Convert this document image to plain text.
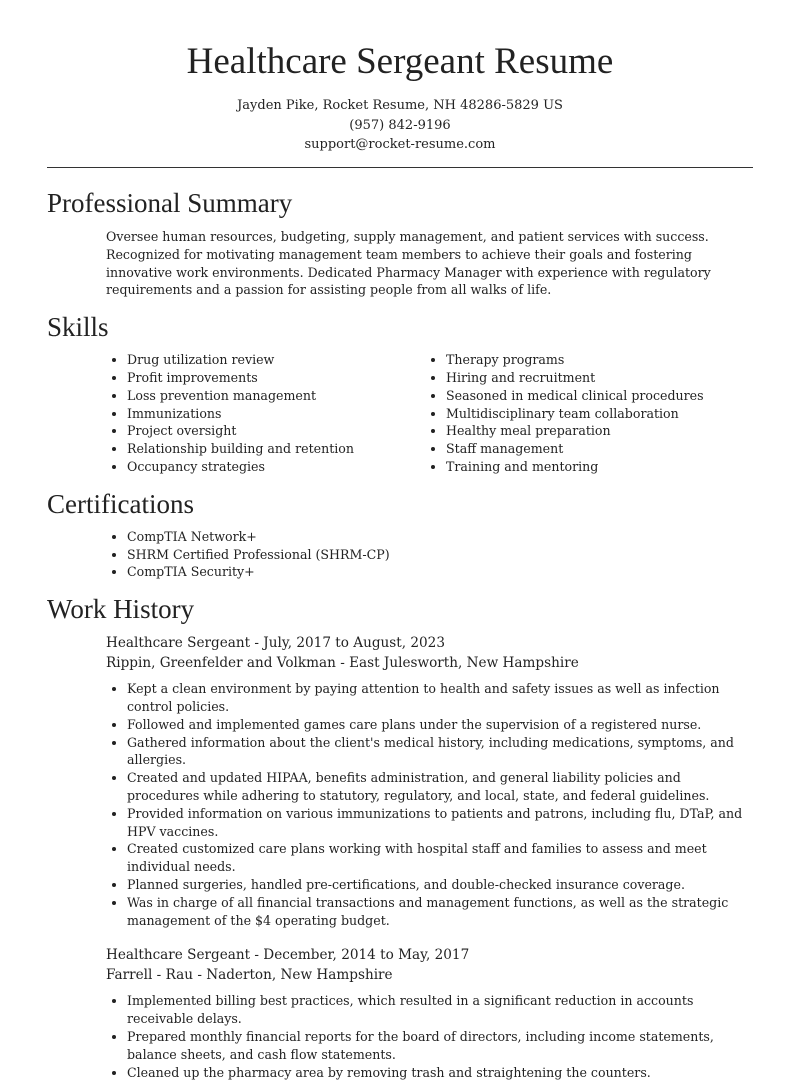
Healthcare Sergeant Resume
Jayden Pike, Rocket Resume, NH 48286-5829 US
(957) 842-9196
support@rocket-resume.com
Professional Summary
Oversee human resources, budgeting, supply management, and patient services with success. Recognized for motivating management team members to achieve their goals and fostering innovative work environments. Dedicated Pharmacy Manager with experience with regulatory requirements and a passion for assisting people from all walks of life.
Skills
• Drug utilization review
• Profit improvements
• Loss prevention management
• Immunizations
• Project oversight
• Relationship building and retention
• Occupancy strategies
• Therapy programs
• Hiring and recruitment
• Seasoned in medical clinical procedures
• Multidisciplinary team collaboration
• Healthy meal preparation
• Staff management
• Training and mentoring
Certifications
• CompTIA Network+
• SHRM Certified Professional (SHRM-CP)
• CompTIA Security+
Work History
Healthcare Sergeant - July, 2017 to August, 2023
Rippin, Greenfelder and Volkman - East Julesworth, New Hampshire
• Kept a clean environment by paying attention to health and safety issues as well as infection control policies.
• Followed and implemented games care plans under the supervision of a registered nurse.
• Gathered information about the client's medical history, including medications, symptoms, and allergies.
• Created and updated HIPAA, benefits administration, and general liability policies and procedures while adhering to statutory, regulatory, and local, state, and federal guidelines.
• Provided information on various immunizations to patients and patrons, including flu, DTaP, and HPV vaccines.
• Created customized care plans working with hospital staff and families to assess and meet individual needs.
• Planned surgeries, handled pre-certifications, and double-checked insurance coverage.
• Was in charge of all financial transactions and management functions, as well as the strategic management of the $4 operating budget.
Healthcare Sergeant - December, 2014 to May, 2017
Farrell - Rau - Naderton, New Hampshire
• Implemented billing best practices, which resulted in a significant reduction in accounts receivable delays.
• Prepared monthly financial reports for the board of directors, including income statements, balance sheets, and cash flow statements.
• Cleaned up the pharmacy area by removing trash and straightening the counters.
